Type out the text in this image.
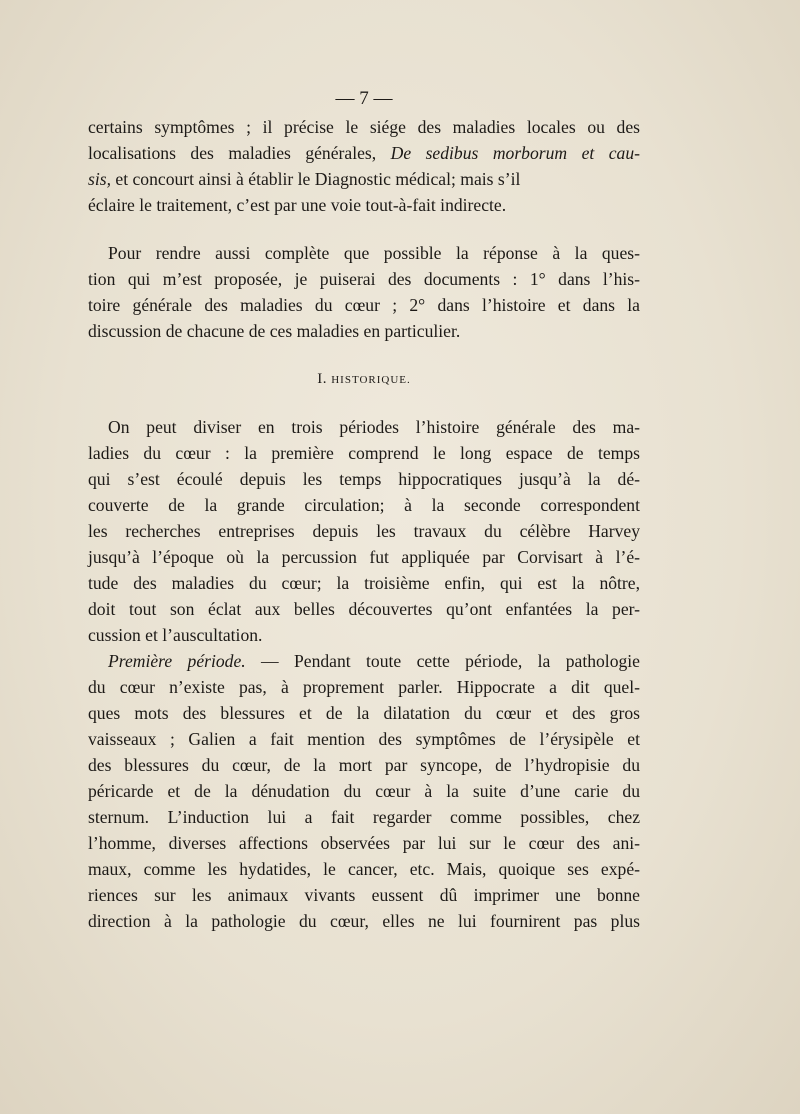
— 7 —
certains symptômes ; il précise le siége des maladies locales ou des
localisations des maladies générales, De sedibus morborum et cau-
sis, et concourt ainsi à établir le Diagnostic médical; mais s’il
éclaire le traitement, c’est par une voie tout-à-fait indirecte.
Pour rendre aussi complète que possible la réponse à la ques-
tion qui m’est proposée, je puiserai des documents : 1° dans l’his-
toire générale des maladies du cœur ; 2° dans l’histoire et dans la
discussion de chacune de ces maladies en particulier.
I. HISTORIQUE.
On peut diviser en trois périodes l’histoire générale des ma-
ladies du cœur : la première comprend le long espace de temps
qui s’est écoulé depuis les temps hippocratiques jusqu’à la dé-
couverte de la grande circulation; à la seconde correspondent
les recherches entreprises depuis les travaux du célèbre Harvey
jusqu’à l’époque où la percussion fut appliquée par Corvisart à l’é-
tude des maladies du cœur; la troisième enfin, qui est la nôtre,
doit tout son éclat aux belles découvertes qu’ont enfantées la per-
cussion et l’auscultation.
Première période. — Pendant toute cette période, la pathologie
du cœur n’existe pas, à proprement parler. Hippocrate a dit quel-
ques mots des blessures et de la dilatation du cœur et des gros
vaisseaux ; Galien a fait mention des symptômes de l’érysipèle et
des blessures du cœur, de la mort par syncope, de l’hydropisie du
péricarde et de la dénudation du cœur à la suite d’une carie du
sternum. L’induction lui a fait regarder comme possibles, chez
l’homme, diverses affections observées par lui sur le cœur des ani-
maux, comme les hydatides, le cancer, etc. Mais, quoique ses expé-
riences sur les animaux vivants eussent dû imprimer une bonne
direction à la pathologie du cœur, elles ne lui fournirent pas plus
